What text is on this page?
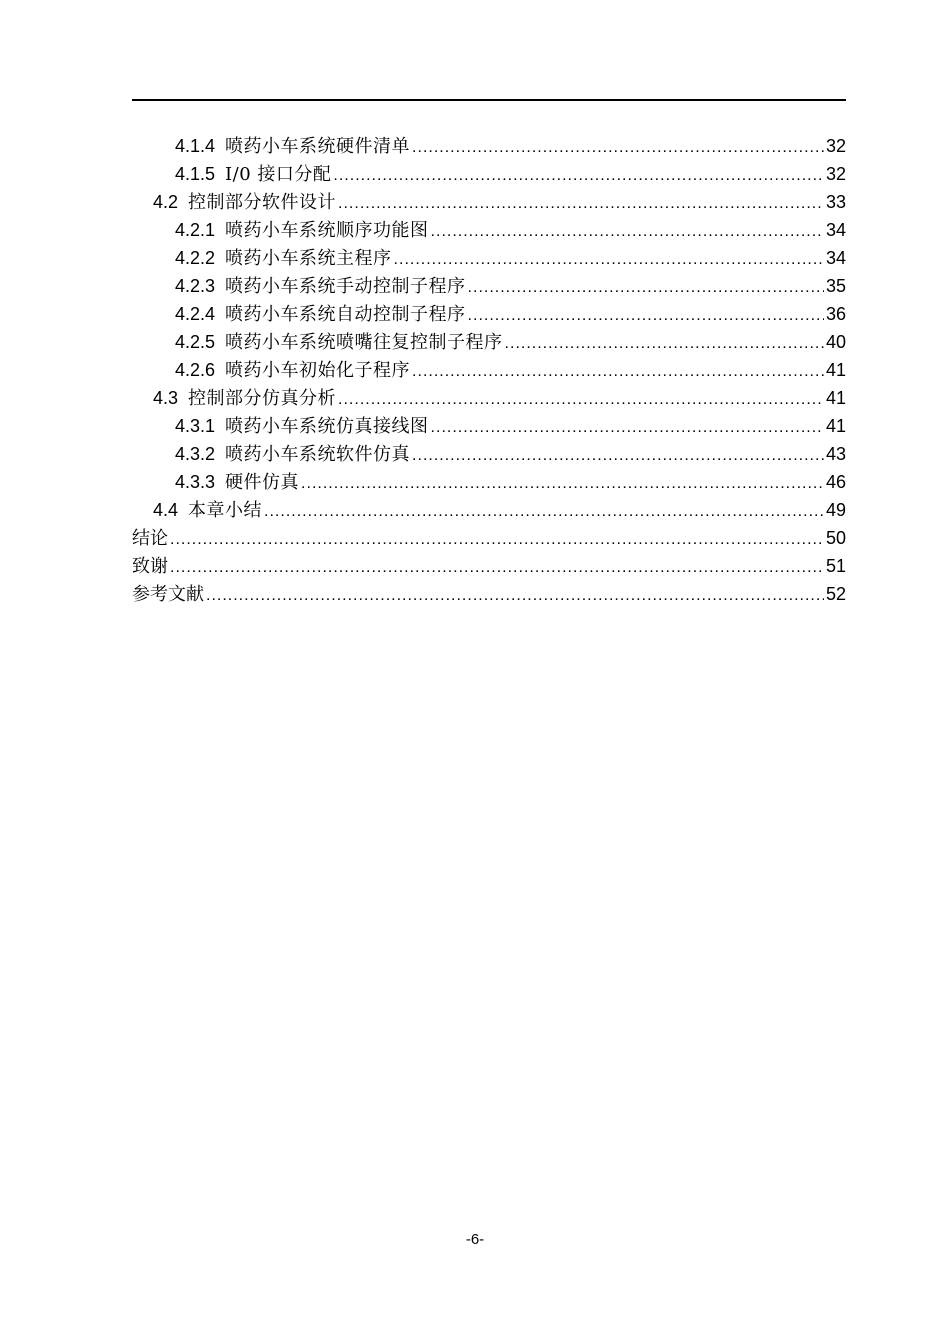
4.1.4 喷药小车系统硬件清单 .....	32
4.1.5 I/0 接口分配 .....	32
4.2 控制部分软件设计 .....	33
4.2.1 喷药小车系统顺序功能图 .....	34
4.2.2 喷药小车系统主程序 .....	34
4.2.3 喷药小车系统手动控制子程序 .....	35
4.2.4 喷药小车系统自动控制子程序 .....	36
4.2.5 喷药小车系统喷嘴往复控制子程序 .....	40
4.2.6 喷药小车初始化子程序 .....	41
4.3 控制部分仿真分析 .....	41
4.3.1 喷药小车系统仿真接线图 .....	41
4.3.2 喷药小车系统软件仿真 .....	43
4.3.3 硬件仿真 .....	46
4.4 本章小结 .....	49
结论 .....	50
致谢 .....	51
参考文献 .....	52
-6-
